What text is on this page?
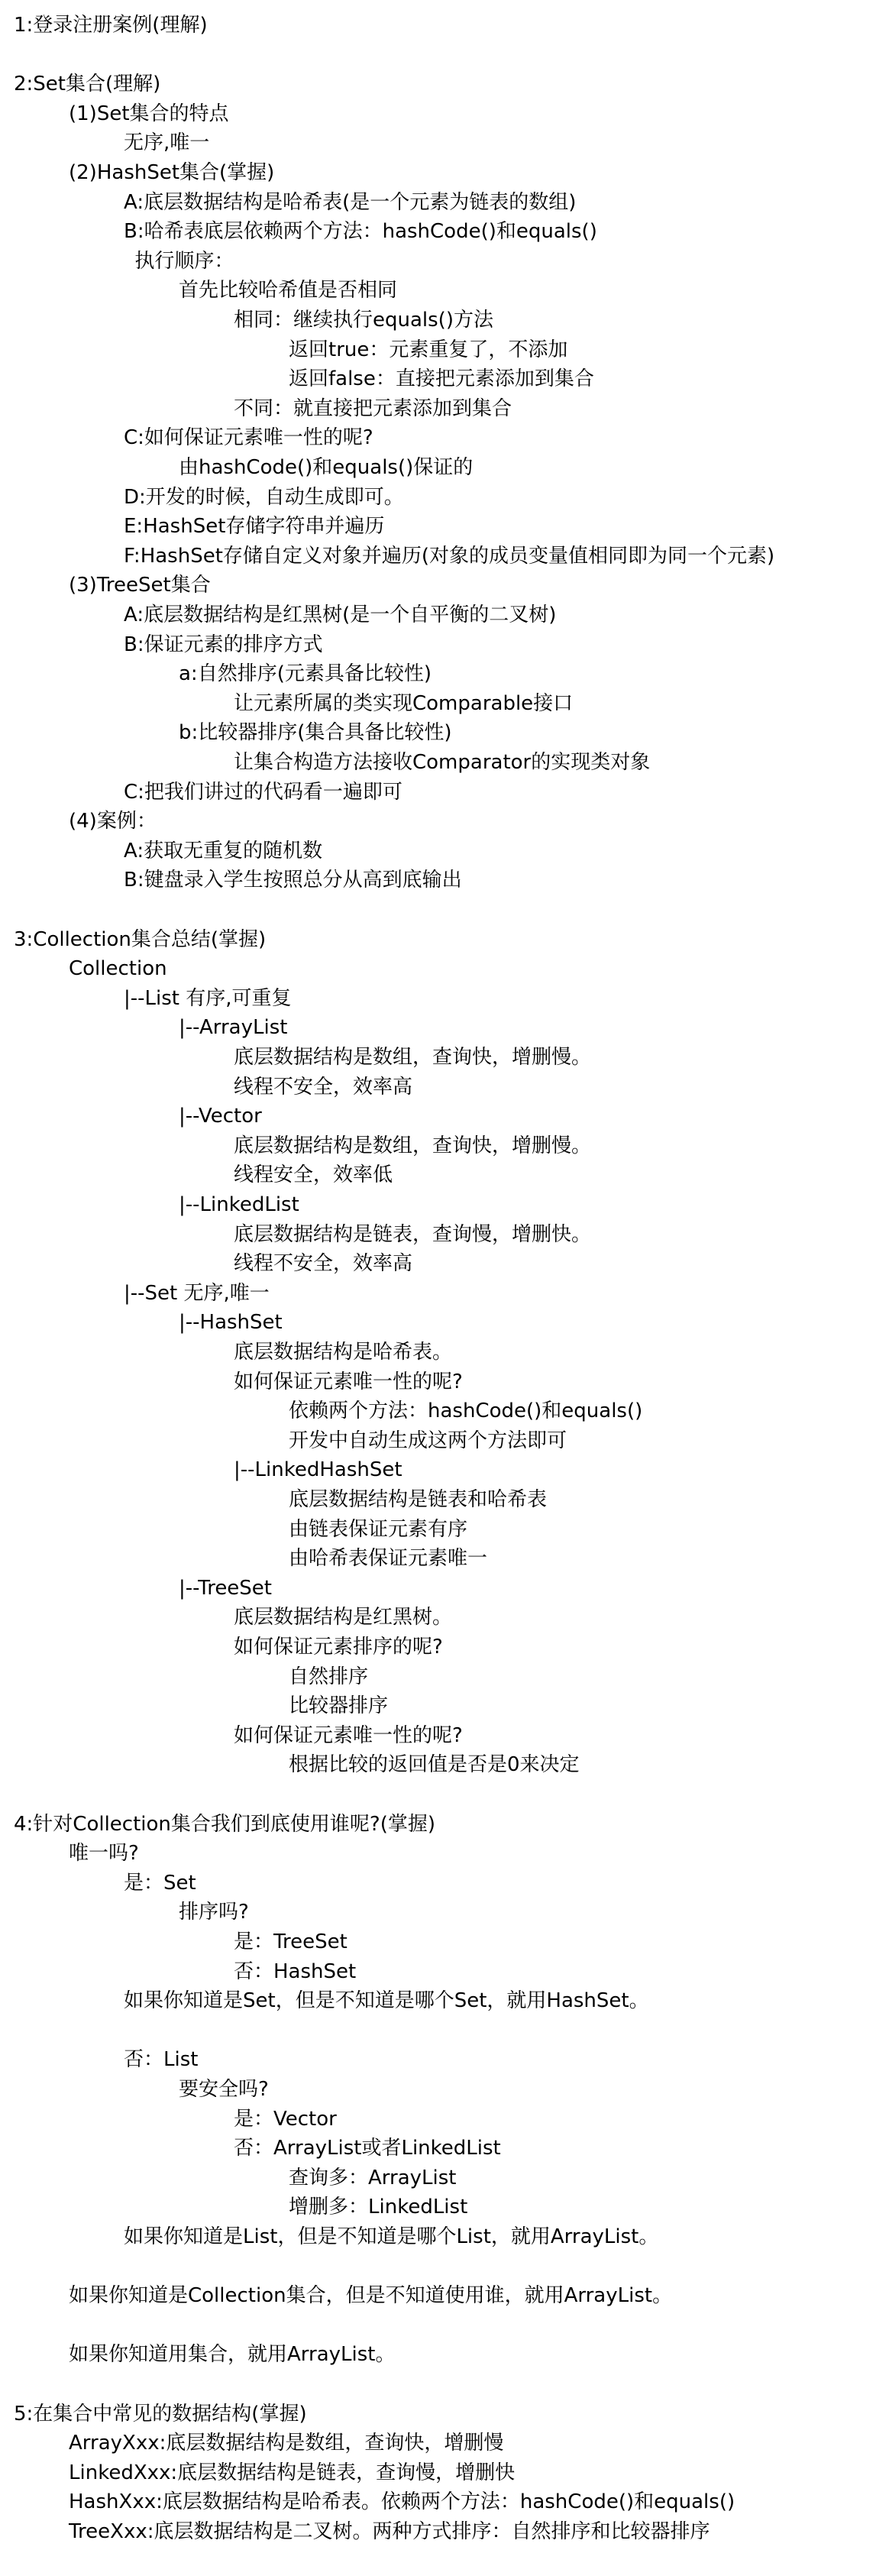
1:登录注册案例(理解)
2:Set集合(理解)
(1)Set集合的特点
无序,唯一
(2)HashSet集合(掌握)
A:底层数据结构是哈希表(是一个元素为链表的数组)
B:哈希表底层依赖两个方法：hashCode()和equals()
执行顺序：
首先比较哈希值是否相同
相同：继续执行equals()方法
返回true：元素重复了，不添加
返回false：直接把元素添加到集合
不同：就直接把元素添加到集合
C:如何保证元素唯一性的呢?
由hashCode()和equals()保证的
D:开发的时候，自动生成即可。
E:HashSet存储字符串并遍历
F:HashSet存储自定义对象并遍历(对象的成员变量值相同即为同一个元素)
(3)TreeSet集合
A:底层数据结构是红黑树(是一个自平衡的二叉树)
B:保证元素的排序方式
a:自然排序(元素具备比较性)
让元素所属的类实现Comparable接口
b:比较器排序(集合具备比较性)
让集合构造方法接收Comparator的实现类对象
C:把我们讲过的代码看一遍即可
(4)案例：
A:获取无重复的随机数
B:键盘录入学生按照总分从高到底输出
3:Collection集合总结(掌握)
Collection
|--List 有序,可重复
|--ArrayList
底层数据结构是数组，查询快，增删慢。
线程不安全，效率高
|--Vector
底层数据结构是数组，查询快，增删慢。
线程安全，效率低
|--LinkedList
底层数据结构是链表，查询慢，增删快。
线程不安全，效率高
|--Set 无序,唯一
|--HashSet
底层数据结构是哈希表。
如何保证元素唯一性的呢?
依赖两个方法：hashCode()和equals()
开发中自动生成这两个方法即可
|--LinkedHashSet
底层数据结构是链表和哈希表
由链表保证元素有序
由哈希表保证元素唯一
|--TreeSet
底层数据结构是红黑树。
如何保证元素排序的呢?
自然排序
比较器排序
如何保证元素唯一性的呢?
根据比较的返回值是否是0来决定
4:针对Collection集合我们到底使用谁呢?(掌握)
唯一吗?
是：Set
排序吗?
是：TreeSet
否：HashSet
如果你知道是Set，但是不知道是哪个Set，就用HashSet。
否：List
要安全吗?
是：Vector
否：ArrayList或者LinkedList
查询多：ArrayList
增删多：LinkedList
如果你知道是List，但是不知道是哪个List，就用ArrayList。
如果你知道是Collection集合，但是不知道使用谁，就用ArrayList。
如果你知道用集合，就用ArrayList。
5:在集合中常见的数据结构(掌握)
ArrayXxx:底层数据结构是数组，查询快，增删慢
LinkedXxx:底层数据结构是链表，查询慢，增删快
HashXxx:底层数据结构是哈希表。依赖两个方法：hashCode()和equals()
TreeXxx:底层数据结构是二叉树。两种方式排序：自然排序和比较器排序
